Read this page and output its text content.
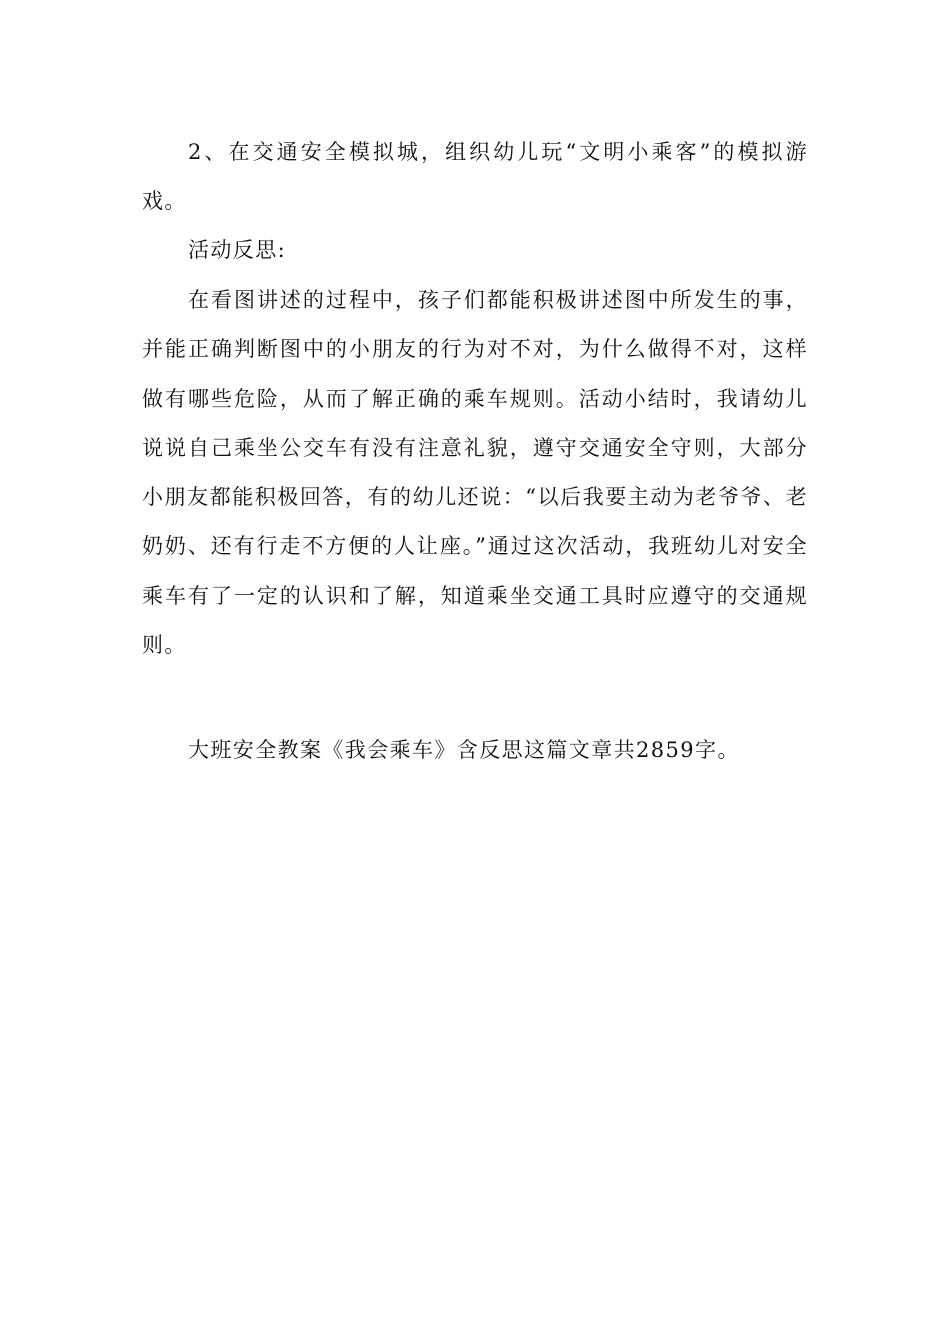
2、在交通安全模拟城，组织幼儿玩“文明小乘客”的模拟游戏。

活动反思:

在看图讲述的过程中，孩子们都能积极讲述图中所发生的事，并能正确判断图中的小朋友的行为对不对，为什么做得不对，这样做有哪些危险，从而了解正确的乘车规则。活动小结时，我请幼儿说说自己乘坐公交车有没有注意礼貌，遵守交通安全守则，大部分小朋友都能积极回答，有的幼儿还说：“以后我要主动为老爷爷、老奶奶、还有行走不方便的人让座。”通过这次活动，我班幼儿对安全乘车有了一定的认识和了解，知道乘坐交通工具时应遵守的交通规则。

大班安全教案《我会乘车》含反思这篇文章共2859字。
